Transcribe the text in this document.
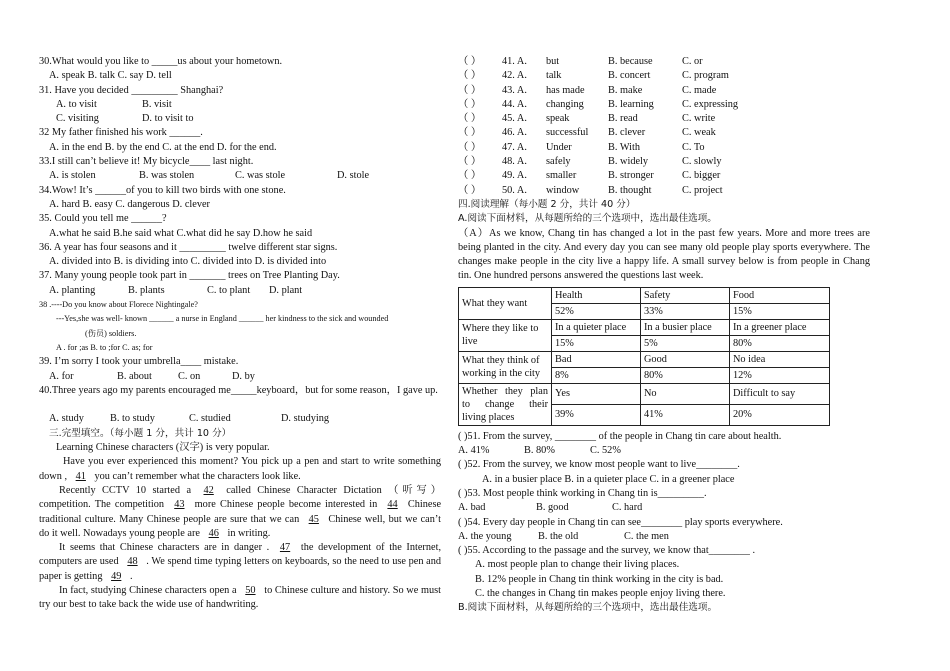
30.What would you like to _____us about your hometown.
A. speak B. talk C. say D. tell
31. Have you decided _________ Shanghai?
A. to visit	B. visit
C. visiting	D. to visit to
32 My father finished his work ______.
A. in the end B. by the end C. at the end D. for the end.
33.I still can’t believe it! My bicycle____ last night.
A. is stolen	B. was stolen	C. was stole	D. stole
34.Wow! It’s ______of you to kill two birds with one stone.
A. hard B. easy C. dangerous D. clever
35. Could you tell me ______?
A.what he said B.he said what C.what did he say D.how he said
36. A year has four seasons and it _________ twelve different star signs.
A. divided into B. is dividing into C. divided into D. is divided into
37. Many young people took part in _______ trees on Tree Planting Day.
A. planting	B. plants	C. to plant D. plant
38 .----Do you know about Florece Nightingale?
---Yes,she was well- known ______ a nurse in England ______ her kindness to the sick and wounded
(伤员) soldiers.
A . for ;as B. to ;for C. as; for
39. I’m sorry I took your umbrella____ mistake.
A. for	B. about	C. on	D. by
40.Three years ago my parents encouraged me_____keyboard，but for some reason，I gave up.
A. study	B. to study	C. studied	D. studying
三.完型填空。（每小题 1 分，共计 10 分）
Learning Chinese characters (汉字) is very popular.
Have you ever experienced this moment? You pick up a pen and start to write something down , 41 you can’t remember what the characters look like.
Recently CCTV 10 started a 42 called Chinese Character Dictation （听写） competition. The competition 43 more Chinese people become interested in 44 Chinese traditional culture. Many Chinese people are sure that we can 45 Chinese well, but we can’t do it well. Nowadays young people are 46 in writing.
It seems that Chinese characters are in danger . 47 the development of the Internet, computers are used 48 . We spend time typing letters on keyboards, so the need to use pen and paper is getting 49 .
In fact, studying Chinese characters open a 50 to Chinese culture and history. So we must try our best to take back the wide use of handwriting.
（ ） 41. A. but	B. because	C. or
（ ） 42. A. talk	B. concert	C. program
（ ） 43. A. has made B. make	C. made
（ ） 44. A. changing B. learning	C. expressing
（ ） 45. A. speak	B. read	C. write
（ ） 46. A. successful B. clever	C. weak
（ ） 47. A. Under	B. With	C. To
（ ） 48. A. safely	B. widely	C. slowly
（ ） 49. A. smaller	B. stronger	C. bigger
（ ） 50. A. window	B. thought	C. project
四.阅读理解（每小题 2 分，共计 40 分）
A.阅读下面材料，从每题所给的三个选项中，选出最佳选项。
（A）As we know, Chang tin has changed a lot in the past few years. More and more trees are being planted in the city. And every day you can see many old people play sports everywhere. The changes make people in the city live a happy life. A small survey below is from people in Chang tin. One hundred persons answered the questions last week.
What they want	Health	Safety	Food
	52%	33%	15%
Where they like to live	In a quieter place	In a busier place	In a greener place
	15%	5%	80%
What they think of working in the city	Bad	Good	No idea
	8%	80%	12%
Whether they plan to change their living places	Yes	No	Difficult to say
	39%	41%	20%
( )51. From the survey, ________ of the people in Chang tin care about health.
A. 41%	B. 80%	C. 52%
( )52. From the survey, we know most people want to live________.
A. in a busier place B. in a quieter place C. in a greener place
( )53. Most people think working in Chang tin is_________.
A. bad	B. good	C. hard
( )54. Every day people in Chang tin can see________ play sports everywhere.
A. the young	B. the old	C. the men
( )55. According to the passage and the survey, we know that________ .
A. most people plan to change their living places.
B. 12% people in Chang tin think working in the city is bad.
C. the changes in Chang tin makes people enjoy living there.
B.阅读下面材料，从每题所给的三个选项中，选出最佳选项。
